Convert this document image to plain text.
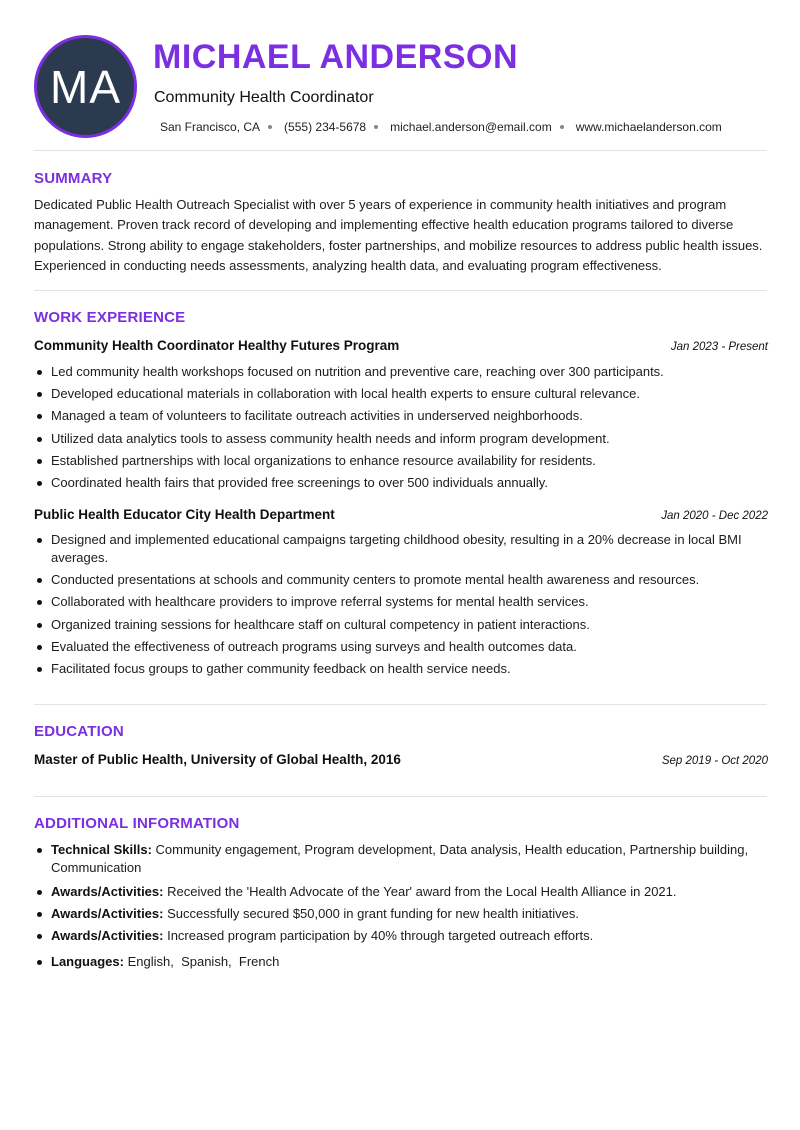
MA
MICHAEL ANDERSON
Community Health Coordinator
San Francisco, CA (555) 234-5678 michael.anderson@email.com www.michaelanderson.com
SUMMARY
Dedicated Public Health Outreach Specialist with over 5 years of experience in community health initiatives and program management. Proven track record of developing and implementing effective health education programs tailored to diverse populations. Strong ability to engage stakeholders, foster partnerships, and mobilize resources to address public health issues. Experienced in conducting needs assessments, analyzing health data, and evaluating program effectiveness.
WORK EXPERIENCE
Community Health Coordinator Healthy Futures Program	Jan 2023 - Present
Led community health workshops focused on nutrition and preventive care, reaching over 300 participants.
Developed educational materials in collaboration with local health experts to ensure cultural relevance.
Managed a team of volunteers to facilitate outreach activities in underserved neighborhoods.
Utilized data analytics tools to assess community health needs and inform program development.
Established partnerships with local organizations to enhance resource availability for residents.
Coordinated health fairs that provided free screenings to over 500 individuals annually.
Public Health Educator City Health Department	Jan 2020 - Dec 2022
Designed and implemented educational campaigns targeting childhood obesity, resulting in a 20% decrease in local BMI averages.
Conducted presentations at schools and community centers to promote mental health awareness and resources.
Collaborated with healthcare providers to improve referral systems for mental health services.
Organized training sessions for healthcare staff on cultural competency in patient interactions.
Evaluated the effectiveness of outreach programs using surveys and health outcomes data.
Facilitated focus groups to gather community feedback on health service needs.
EDUCATION
Master of Public Health, University of Global Health, 2016	Sep 2019 - Oct 2020
ADDITIONAL INFORMATION
Technical Skills: Community engagement, Program development, Data analysis, Health education, Partnership building, Communication
Awards/Activities: Received the 'Health Advocate of the Year' award from the Local Health Alliance in 2021.
Awards/Activities: Successfully secured $50,000 in grant funding for new health initiatives.
Awards/Activities: Increased program participation by 40% through targeted outreach efforts.
Languages: English,  Spanish,  French
